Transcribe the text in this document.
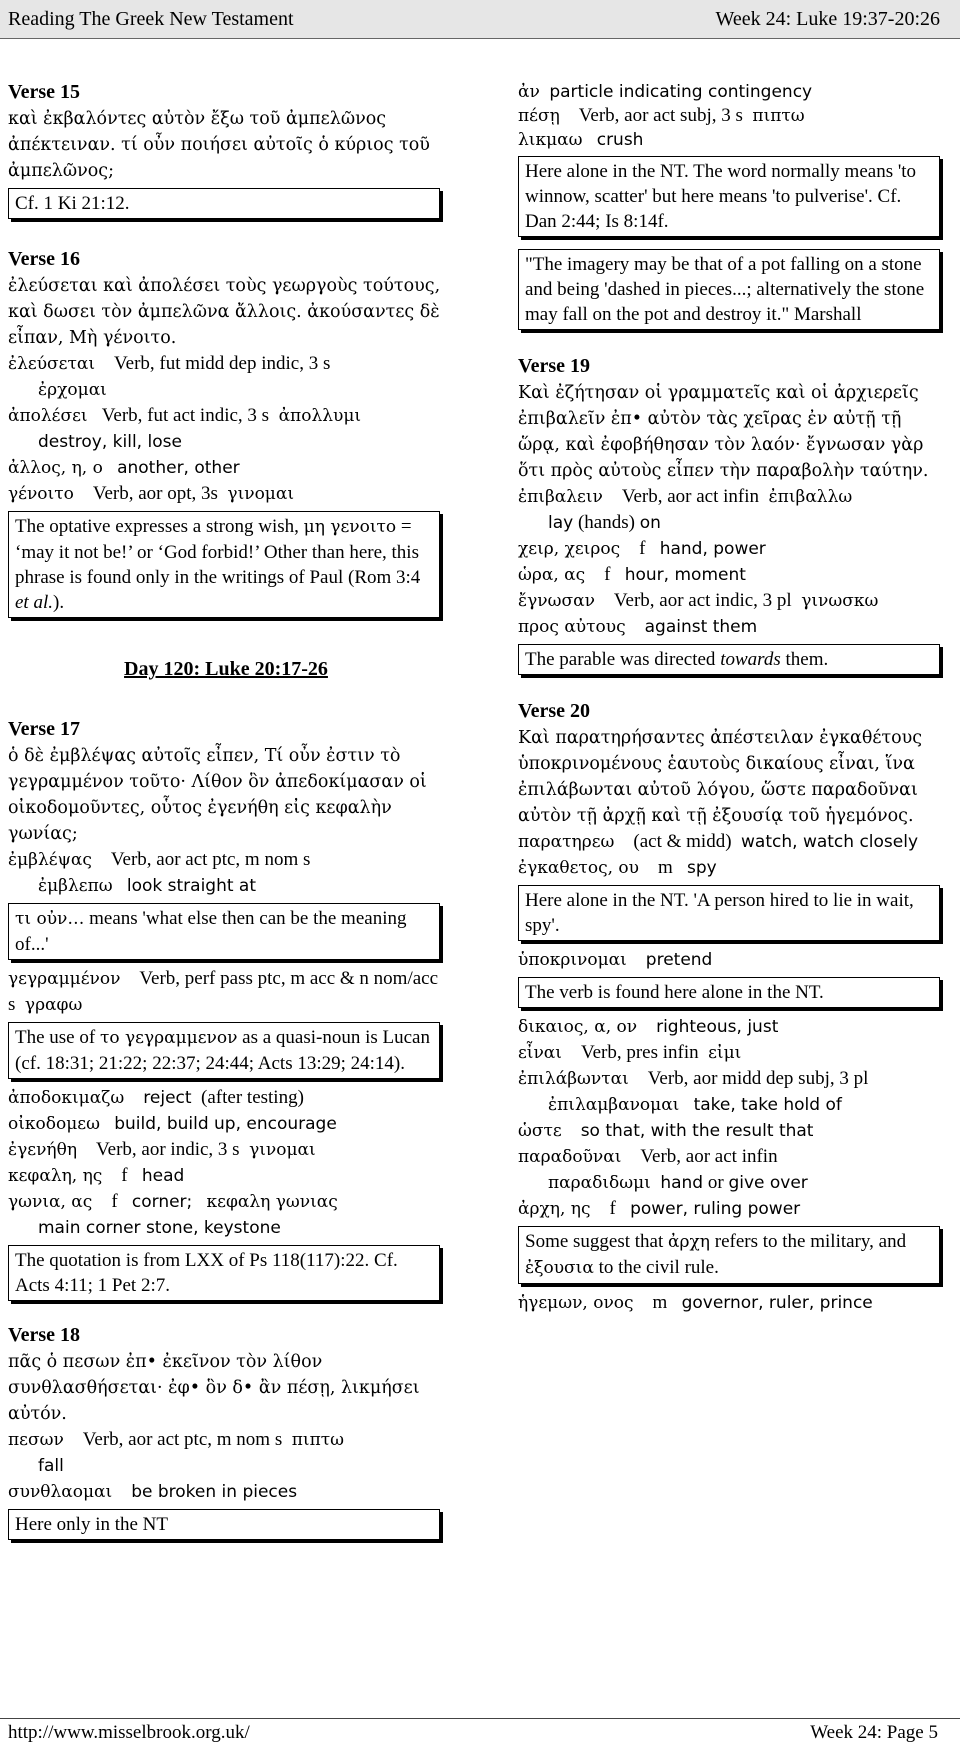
Reading The Greek New Testament	Week 24: Luke 19:37-20:26
Verse 15
καὶ ἐκβαλόντες αὐτὸν ἔξω τοῦ ἀμπελῶνος ἀπέκτειναν. τί οὖν ποιήσει αὐτοῖς ὁ κύριος τοῦ ἀμπελῶνος;
Cf. 1 Ki 21:12.
Verse 16
ἐλεύσεται καὶ ἀπολέσει τοὺς γεωργοὺς τούτους, καὶ δωσει τὸν ἀμπελῶνα ἄλλοις. ἀκούσαντες δὲ εἶπαν, Μὴ γένοιτο.
ἐλεύσεται Verb, fut midd dep indic, 3 s
ἐρχομαι
ἀπολέσει Verb, fut act indic, 3 s ἀπολλυμι
destroy, kill, lose
ἀλλος, η, ο another, other
γένοιτο Verb, aor opt, 3s γινομαι
The optative expresses a strong wish, μη γενοιτο = ‘may it not be!’ or ‘God forbid!’ Other than here, this phrase is found only in the writings of Paul (Rom 3:4 et al.).
Day 120: Luke 20:17-26
Verse 17
ὁ δὲ ἐμβλέψας αὐτοῖς εἶπεν, Τί οὖν ἐστιν τὸ γεγραμμένον τοῦτο· Λίθον ὃν ἀπεδοκίμασαν οἱ οἰκοδομοῦντες, οὗτος ἐγενήθη εἰς κεφαλὴν γωνίας;
ἐμβλέψας Verb, aor act ptc, m nom s
ἐμβλεπω look straight at
τι οὐν… means 'what else then can be the meaning of...'
γεγραμμένον Verb, perf pass ptc, m acc & n nom/acc s γραφω
The use of το γεγραμμενον as a quasi-noun is Lucan (cf. 18:31; 21:22; 22:37; 24:44; Acts 13:29; 24:14).
ἀποδοκιμαζω reject (after testing)
οἰκοδομεω build, build up, encourage
ἐγενήθη Verb, aor indic, 3 s γινομαι
κεφαλη, ης f head
γωνια, ας f corner; κεφαλη γωνιας
main corner stone, keystone
The quotation is from LXX of Ps 118(117):22. Cf. Acts 4:11; 1 Pet 2:7.
Verse 18
πᾶς ὁ πεσων ἐπ• ἐκεῖνον τὸν λίθον συνθλασθήσεται· ἐφ• ὃν δ• ἂν πέσῃ, λικμήσει αὐτόν.
πεσων Verb, aor act ptc, m nom s πιπτω
fall
συνθλαομαι be broken in pieces
Here only in the NT
ἀν particle indicating contingency
πέσῃ Verb, aor act subj, 3 s πιπτω
λικμαω crush
Here alone in the NT. The word normally means 'to winnow, scatter' but here means 'to pulverise'. Cf. Dan 2:44; Is 8:14f.
"The imagery may be that of a pot falling on a stone and being 'dashed in pieces...; alternatively the stone may fall on the pot and destroy it." Marshall
Verse 19
Καὶ ἐζήτησαν οἱ γραμματεῖς καὶ οἱ ἀρχιερεῖς ἐπιβαλεῖν ἐπ• αὐτὸν τὰς χεῖρας ἐν αὐτῇ τῇ ὥρᾳ, καὶ ἐφοβήθησαν τὸν λαόν· ἔγνωσαν γὰρ ὅτι πρὸς αὐτοὺς εἶπεν τὴν παραβολὴν ταύτην.
ἐπιβαλειν Verb, aor act infin ἐπιβαλλω
lay (hands) on
χειρ, χειρος f hand, power
ὡρα, ας f hour, moment
ἔγνωσαν Verb, aor act indic, 3 pl γινωσκω
προς αὐτους against them
The parable was directed towards them.
Verse 20
Καὶ παρατηρήσαντες ἀπέστειλαν ἐγκαθέτους ὑποκρινομένους ἑαυτοὺς δικαίους εἶναι, ἵνα ἐπιλάβωνται αὐτοῦ λόγου, ὥστε παραδοῦναι αὐτὸν τῇ ἀρχῇ καὶ τῇ ἐξουσίᾳ τοῦ ἡγεμόνος.
παρατηρεω (act & midd) watch, watch closely
ἐγκαθετος, ου m spy
Here alone in the NT. 'A person hired to lie in wait, spy'.
ὑποκρινομαι pretend
The verb is found here alone in the NT.
δικαιος, α, ον righteous, just
εἶναι Verb, pres infin εἰμι
ἐπιλάβωνται Verb, aor midd dep subj, 3 pl
ἐπιλαμβανομαι take, take hold of
ὡστε so that, with the result that
παραδοῦναι Verb, aor act infin
παραδιδωμι hand or give over
ἀρχη, ης f power, ruling power
Some suggest that ἀρχη refers to the military, and ἐξουσια to the civil rule.
ἡγεμων, ονος m governor, ruler, prince
http://www.misselbrook.org.uk/	Week 24: Page 5
